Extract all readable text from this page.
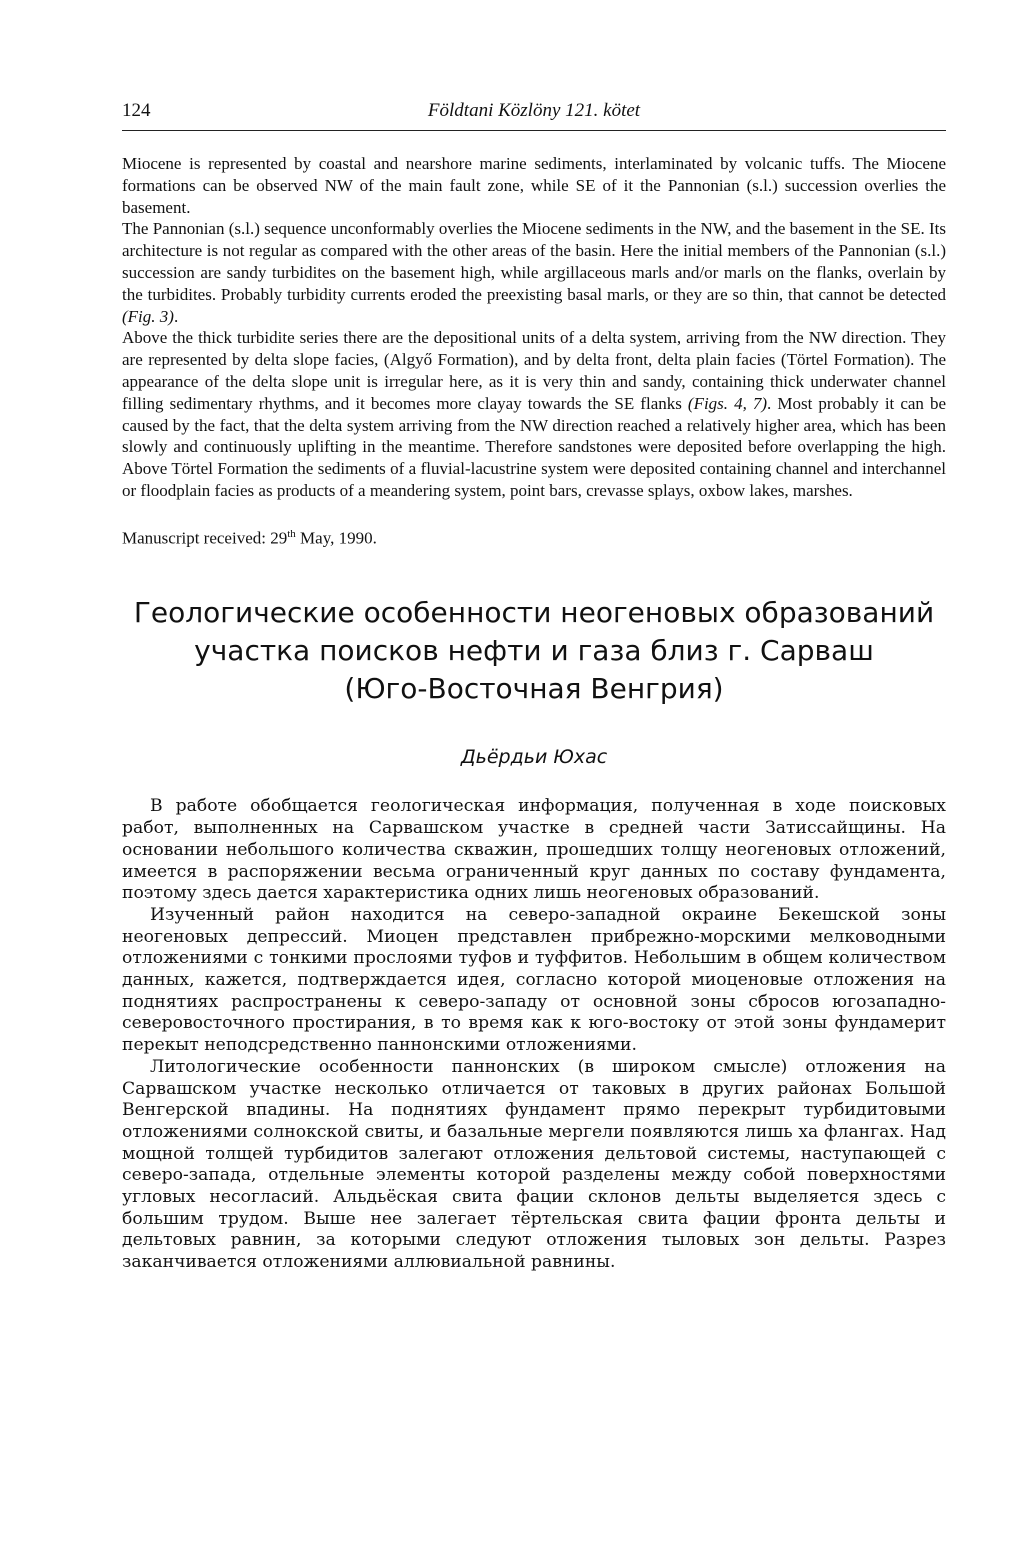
124	Földtani Közlöny 121. kötet

Miocene is represented by coastal and nearshore marine sediments, interlaminated by volcanic tuffs. The Miocene formations can be observed NW of the main fault zone, while SE of it the Pannonian (s.l.) succession overlies the basement.

The Pannonian (s.l.) sequence unconformably overlies the Miocene sediments in the NW, and the basement in the SE. Its architecture is not regular as compared with the other areas of the basin. Here the initial members of the Pannonian (s.l.) succession are sandy turbidites on the basement high, while argillaceous marls and/or marls on the flanks, overlain by the turbidites. Probably turbidity currents eroded the preexisting basal marls, or they are so thin, that cannot be detected (Fig. 3).

Above the thick turbidite series there are the depositional units of a delta system, arriving from the NW direction. They are represented by delta slope facies, (Algyő Formation), and by delta front, delta plain facies (Törtel Formation). The appearance of the delta slope unit is irregular here, as it is very thin and sandy, containing thick underwater channel filling sedimentary rhythms, and it becomes more clayay towards the SE flanks (Figs. 4, 7). Most probably it can be caused by the fact, that the delta system arriving from the NW direction reached a relatively higher area, which has been slowly and continuously uplifting in the meantime. Therefore sandstones were deposited before overlapping the high. Above Törtel Formation the sediments of a fluvial-lacustrine system were deposited containing channel and interchannel or floodplain facies as products of a meandering system, point bars, crevasse splays, oxbow lakes, marshes.

Manuscript received: 29th May, 1990.
Геологические особенности неогеновых образований
участка поисков нефти и газа близ г. Сарваш
(Юго-Восточная Венгрия)
Дьёрдьи Юхас

В работе обобщается геологическая информация, полученная в ходе поисковых работ, выполненных на Сарвашском участке в средней части Затиссайщины. На основании небольшого количества скважин, прошедших толщу неогеновых отложений, имеется в распоряжении весьма ограниченный круг данных по составу фундамента, поэтому здесь дается характеристика одних лишь неогеновых образований.

Изученный район находится на северо-западной окраине Бекешской зоны неогеновых депрессий. Миоцен представлен прибрежно-морскими мелководными отложениями с тонкими прослоями туфов и туффитов. Небольшим в общем количеством данных, кажется, подтверждается идея, согласно которой миоценовые отложения на поднятиях распространены к северо-западу от основной зоны сбросов югозападно-северовосточного простирания, в то время как к юго-востоку от этой зоны фундамерит перекыт неподсредственно паннонскими отложениями.

Литологические особенности паннонских (в широком смысле) отложения на Сарвашском участке несколько отличается от таковых в других районах Большой Венгерской впадины. На поднятиях фундамент прямо перекрыт турбидитовыми отложениями солнокской свиты, и базальные мергели появляются лишь ха флангах. Над мощной толщей турбидитов залегают отложения дельтовой системы, наступающей с северо-запада, отдельные элементы которой разделены между собой поверхностями угловых несогласий. Альдьёская свита фации склонов дельты выделяется здесь с большим трудом. Выше нее залегает тёртельская свита фации фронта дельты и дельтовых равнин, за которыми следуют отложения тыловых зон дельты. Разрез заканчивается отложениями аллювиальной равнины.
